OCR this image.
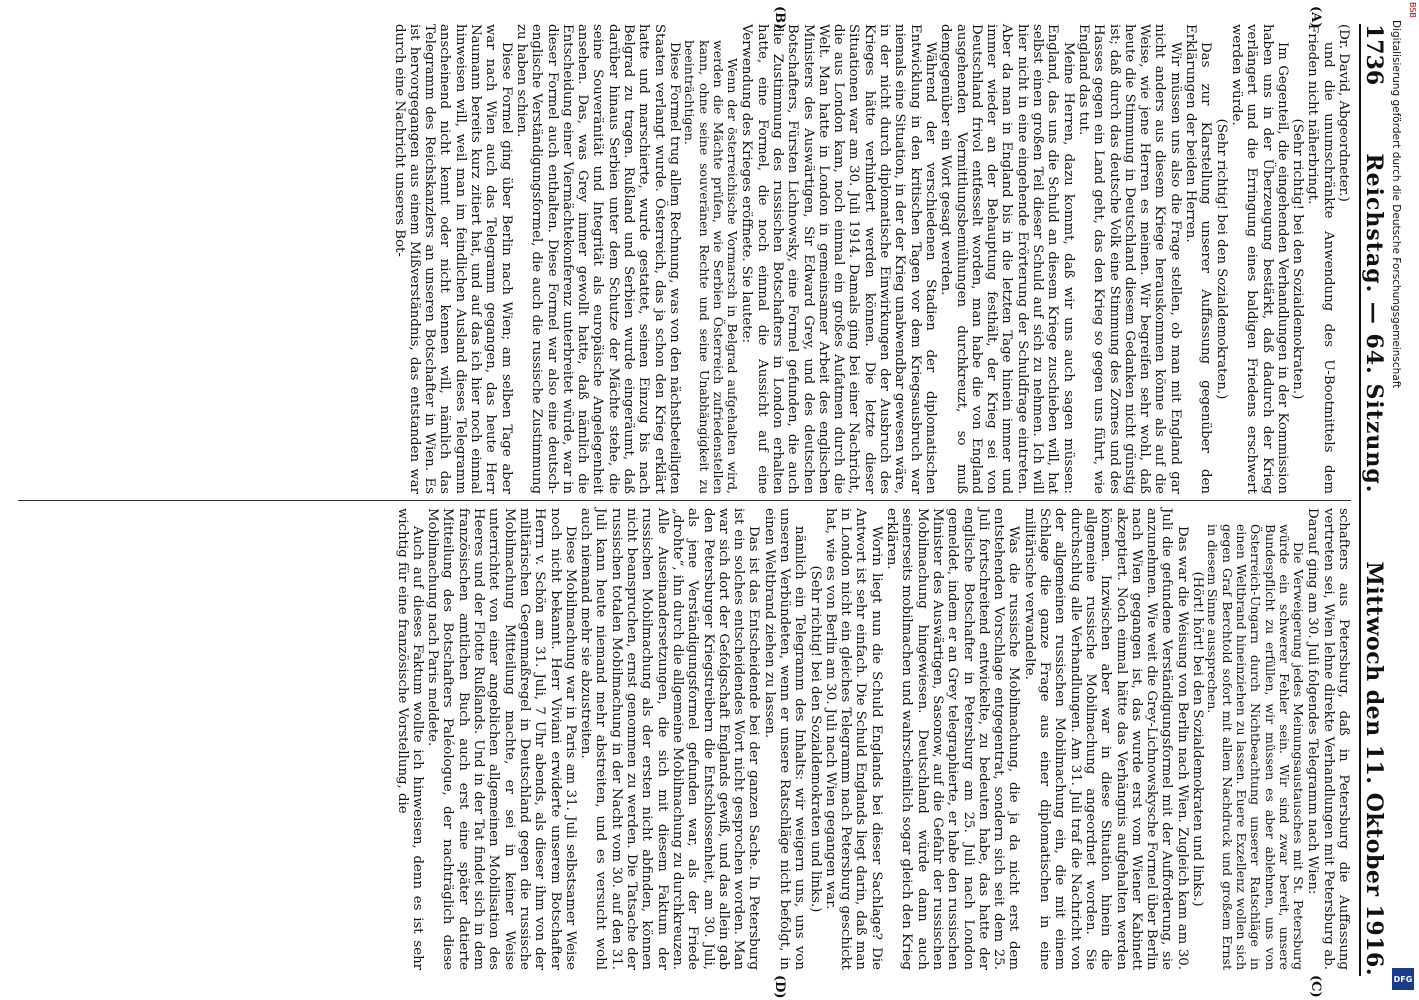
1736
Reichstag. — 64. Sitzung.
Mittwoch den 11. Oktober 1916.
(A)
(B)
(C)
(D)

(Dr. David, Abgeordneter.)

und die unumschränkte Anwendung des U-Bootmittels dem Frieden nicht näherbringt.

(Sehr richtig! bei den Sozialdemokraten.)

Im Gegenteil, die eingehenden Verhandlungen in der Kommission haben uns in der Überzeugung bestärkt, daß dadurch der Krieg verlängert und die Erringung eines baldigen Friedens erschwert werden würde.

(Sehr richtig! bei den Sozialdemokraten.)

Das zur Klarstellung unserer Auffassung gegenüber den Erklärungen der beiden Herren.

Wir müssen uns also die Frage stellen, ob man mit England gar nicht anders aus diesem Kriege herauskommen könne als auf die Weise, wie jene Herren es meinen. Wir begreifen sehr wohl, daß heute die Stimmung in Deutschland diesem Gedanken nicht günstig ist; daß durch das deutsche Volk eine Stimmung des Zornes und des Hasses gegen ein Land geht, das den Krieg so gegen uns führt, wie England das tut.

Meine Herren, dazu kommt, daß wir uns auch sagen müssen: England, das uns die Schuld an diesem Kriege zuschieben will, hat selbst einen großen Teil dieser Schuld auf sich zu nehmen. Ich will hier nicht in eine eingehende Erörterung der Schuldfrage eintreten. Aber da man in England bis in die letzten Tage hinein immer und immer wieder an der Behauptung festhält, der Krieg sei von Deutschland frivol entfesselt worden, man habe die von England ausgehenden Vermittlungsbemühungen durchkreuzt, so muß demgegenüber ein Wort gesagt werden.

Während der verschiedenen Stadien der diplomatischen Entwicklung in den kritischen Tagen vor dem Kriegsausbruch war niemals eine Situation, in der der Krieg unabwendbar gewesen wäre, in der nicht durch diplomatische Einwirkungen der Ausbruch des Krieges hätte verhindert werden können. Die letzte dieser Situationen war am 30. Juli 1914. Damals ging bei einer Nachricht, die aus London kam, noch einmal ein großes Aufatmen durch die Welt. Man hatte in London in gemeinsamer Arbeit des englischen Ministers des Auswärtigen, Sir Edward Grey, und des deutschen Botschafters, Fürsten Lichnowsky, eine Formel gefunden, die auch die Zustimmung des russischen Botschafters in London erhalten hatte, eine Formel, die noch einmal die Aussicht auf eine Verwendung des Krieges eröffnete. Sie lautete:

Wenn der österreichische Vormarsch in Belgrad aufgehalten wird, werden die Mächte prüfen, wie Serbien Österreich zufriedenstellen kann, ohne seine souveränen Rechte und seine Unabhängigkeit zu beeinträchtigen.

Diese Formel trug allem Rechnung, was von den nächstbeteiligten Staaten verlangt wurde. Österreich, das ja schon den Krieg erklärt hatte und marschierte, wurde gestattet, seinen Einzug bis nach Belgrad zu tragen. Rußland und Serbien wurde eingeräumt, daß darüber hinaus Serbien unter dem Schutze der Mächte stehe, die seine Souveränität und Integrität als europäische Angelegenheit ansehen. Das, was Grey immer gewollt hatte, daß nämlich die Entscheidung einer Viermächtekonferenz unterbreitet würde, war in dieser Formel auch enthalten. Diese Formel war also eine deutsch-englische Verständigungsformel, die auch die russische Zustimmung zu haben schien.

Diese Formel ging über Berlin nach Wien; am selben Tage aber war nach Wien auch das Telegramm gegangen, das heute Herr Naumann bereits kurz zitiert hat, und auf das ich hier noch einmal hinweisen will, weil man im feindlichen Ausland dieses Telegramm anscheinend nicht kennt oder nicht kennen will, nämlich das Telegramm des Reichskanzlers an unseren Botschafter in Wien. Es ist hervorgegangen aus einem Mißverständnis, das entstanden war durch eine Nachricht unseres Bot-

schafters aus Petersburg, daß in Petersburg die Auffassung vertreten sei, Wien lehne direkte Verhandlungen mit Petersburg ab. Darauf ging am 30. Juli folgendes Telegramm nach Wien:

Die Verweigerung jedes Meinungsaustausches mit St. Petersburg würde ein schwerer Fehler sein. Wir sind zwar bereit, unsere Bundespflicht zu erfüllen, wir müssen es aber ablehnen, uns von Österreich-Ungarn durch Nichtbeachtung unserer Ratschläge in einen Weltbrand hineinziehen zu lassen. Euere Exzellenz wollen sich gegen Graf Berchtold sofort mit allem Nachdruck und großem Ernst in diesem Sinne aussprechen.

(Hört! hört! bei den Sozialdemokraten und links.)

Das war die Weisung von Berlin nach Wien. Zugleich kam am 30. Juli die gefundene Verständigungsformel mit der Aufforderung, sie anzunehmen. Wie weit die Grey-Lichnowskysche Formel über Berlin nach Wien gegangen ist, das wurde erst vom Wiener Kabinett akzeptiert. Noch einmal hätte das Verhängnis aufgehalten werden können. Inzwischen aber war in diese Situation hinein die allgemeine russische Mobilmachung angeordnet worden. Sie durchschlug alle Verhandlungen. Am 31. Juli traf die Nachricht von der allgemeinen russischen Mobilmachung ein, die mit einem Schlage die ganze Frage aus einer diplomatischen in eine militärische verwandelte.

Was die russische Mobilmachung, die ja da nicht erst dem entstehenden Vorschlage entgegentrat, sondern sich seit dem 25. Juli fortschreitend entwickelte, zu bedeuten habe, das hatte der englische Botschafter in Petersburg am 25. Juli nach London gemeldet, indem er an Grey telegraphierte, er habe den russischen Minister des Auswärtigen, Sasonow, auf die Gefahr der russischen Mobilmachung hingewiesen. Deutschland würde dann auch seinerseits mobilmachen und wahrscheinlich sogar gleich den Krieg erklären.

Worin liegt nun die Schuld Englands bei dieser Sachlage? Die Antwort ist sehr einfach. Die Schuld Englands liegt darin, daß man in London nicht ein gleiches Telegramm nach Petersburg geschickt hat, wie es von Berlin am 30. Juli nach Wien gegangen war.

(Sehr richtig! bei den Sozialdemokraten und links.)

nämlich ein Telegramm des Inhalts: wir weigern uns, uns von unseren Verbündeten, wenn er unsere Ratschläge nicht befolgt, in einen Weltbrand ziehen zu lassen.

Das ist das Entscheidende bei der ganzen Sache. In Petersburg ist ein solches entscheidendes Wort nicht gesprochen worden. Man war sich dort der Gefolgschaft Englands gewiß, und das allein gab den Petersburger Kriegstreibern die Entschlossenheit, am 30. Juli, als jene Verständigungsformel gefunden war, als der Friede „drohte“, ihn durch die allgemeine Mobilmachung zu durchkreuzen. Alle Auseinandersetzungen, die sich mit diesem Faktum der russischen Mobilmachung als der ersten nicht abfinden, können nicht beanspruchen, ernst genommen zu werden. Die Tatsache der russischen totalen Mobilmachung in der Nacht vom 30. auf den 31. Juli kann heute niemand mehr abstreiten, und es versucht wohl auch niemand mehr sie abzustreiten.

Diese Mobilmachung war in Paris am 31. Juli selbstsamer Weise noch nicht bekannt. Herr Viviani erwiderte unserem Botschafter Herrn v. Schön am 31. Juli, 7 Uhr abends, als dieser ihm von der militärischen Gegenmaßregel in Deutschland gegen die russische Mobilmachung Mitteilung machte, er sei in keiner Weise unterrichtet von einer angeblichen allgemeinen Mobilisation des Heeres und der Flotte Rußlands. Und in der Tat findet sich in dem französischen amtlichen Buch auch erst eine später datierte Mitteilung des Botschafters Paléologue, der nachträglich diese Mobilmachung nach Paris meldete.

Auch auf dieses Faktum wollte ich hinweisen, denn es ist sehr wichtig für eine französische Vorstellung, die

Digitalisierung gefördert durch die Deutsche Forschungsgemeinschaft
BSB
DFG
